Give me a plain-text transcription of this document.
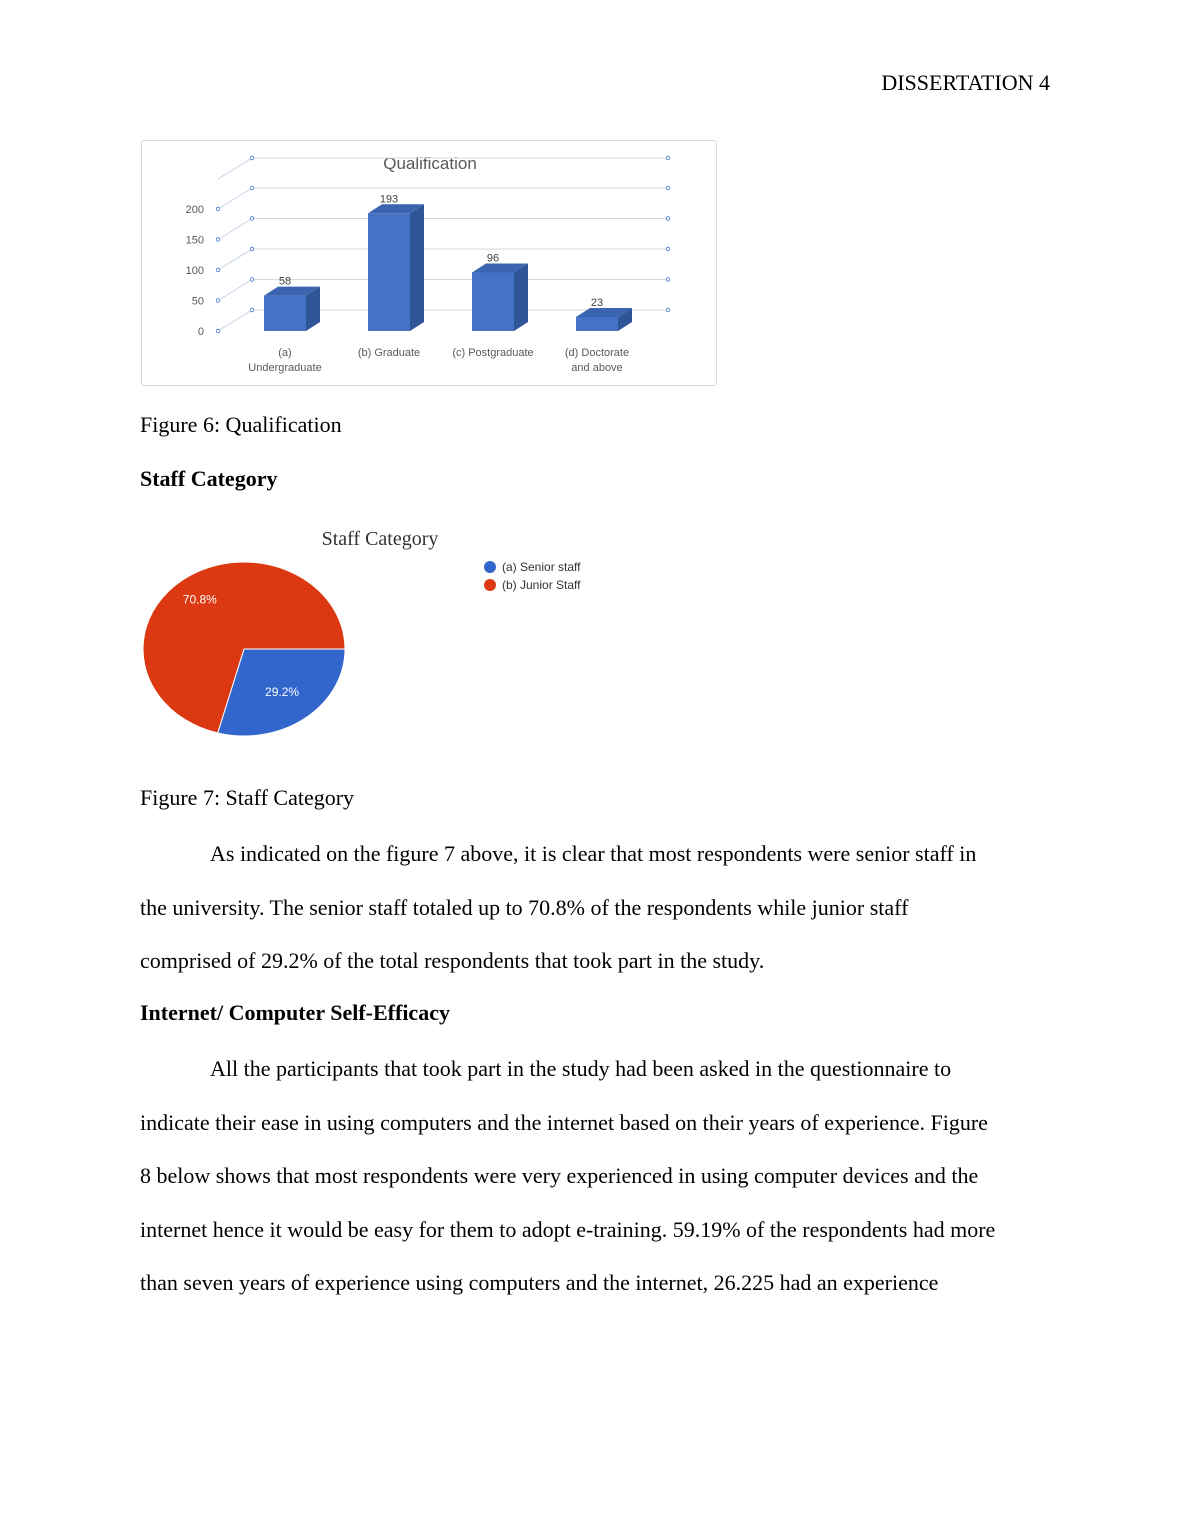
DISSERTATION 4
Qualification
0
50
100
150
200
58
(a)
Undergraduate
193
(b) Graduate
96
(c) Postgraduate
23
(d) Doctorate
and above
Figure 6: Qualification
Staff Category
Staff Category
29.2%
70.8%
(a) Senior staff
(b) Junior Staff
Figure 7: Staff Category
As indicated on the figure 7 above, it is clear that most respondents were senior staff in
the university. The senior staff totaled up to 70.8% of the respondents while junior staff
comprised of 29.2% of the total respondents that took part in the study.
Internet/ Computer Self-Efficacy
All the participants that took part in the study had been asked in the questionnaire to
indicate their ease in using computers and the internet based on their years of experience. Figure
8 below shows that most respondents were very experienced in using computer devices and the
internet hence it would be easy for them to adopt e-training. 59.19% of the respondents had more
than seven years of experience using computers and the internet, 26.225 had an experience
